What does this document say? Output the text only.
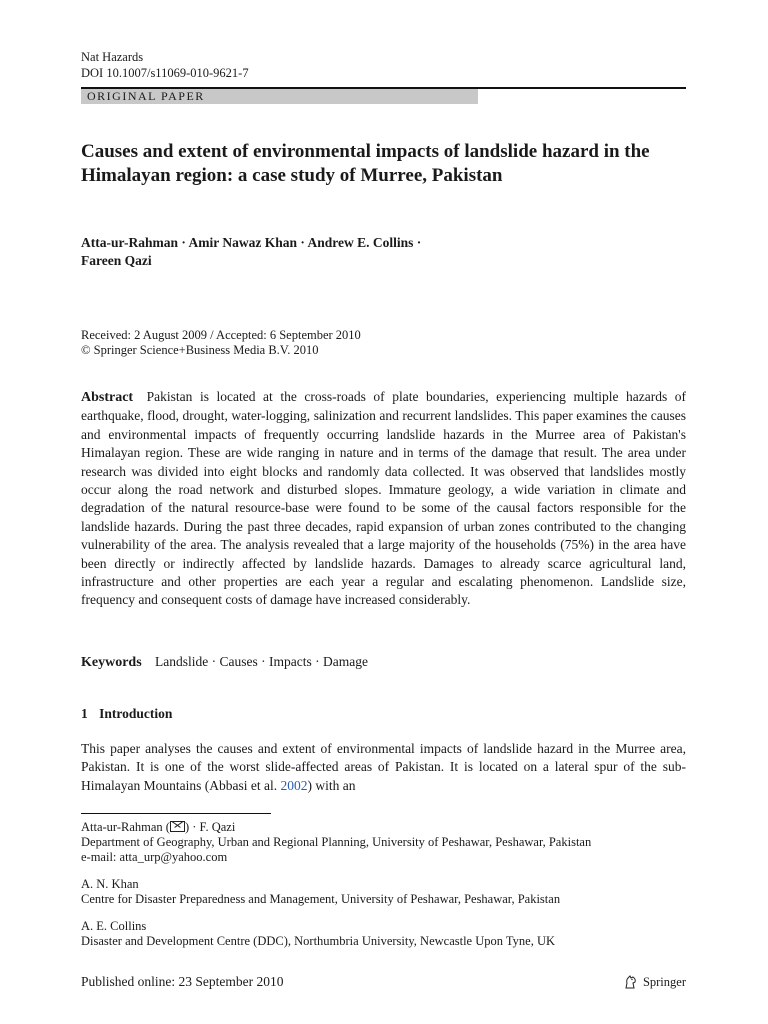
Nat Hazards
DOI 10.1007/s11069-010-9621-7
ORIGINAL PAPER
Causes and extent of environmental impacts of landslide hazard in the Himalayan region: a case study of Murree, Pakistan
Atta-ur-Rahman · Amir Nawaz Khan · Andrew E. Collins ·
Fareen Qazi
Received: 2 August 2009 / Accepted: 6 September 2010
© Springer Science+Business Media B.V. 2010
Abstract Pakistan is located at the cross-roads of plate boundaries, experiencing multiple hazards of earthquake, flood, drought, water-logging, salinization and recurrent landslides. This paper examines the causes and environmental impacts of frequently occurring landslide hazards in the Murree area of Pakistan's Himalayan region. These are wide ranging in nature and in terms of the damage that result. The area under research was divided into eight blocks and randomly data collected. It was observed that landslides mostly occur along the road network and disturbed slopes. Immature geology, a wide variation in climate and degradation of the natural resource-base were found to be some of the causal factors responsible for the landslide hazards. During the past three decades, rapid expansion of urban zones contributed to the changing vulnerability of the area. The analysis revealed that a large majority of the households (75%) in the area have been directly or indirectly affected by landslide hazards. Damages to already scarce agricultural land, infrastructure and other properties are each year a regular and escalating phenomenon. Landslide size, frequency and consequent costs of damage have increased considerably.
Keywords Landslide · Causes · Impacts · Damage
1 Introduction
This paper analyses the causes and extent of environmental impacts of landslide hazard in the Murree area, Pakistan. It is one of the worst slide-affected areas of Pakistan. It is located on a lateral spur of the sub-Himalayan Mountains (Abbasi et al. 2002) with an
Atta-ur-Rahman ( ) · F. Qazi
Department of Geography, Urban and Regional Planning, University of Peshawar, Peshawar, Pakistan
e-mail: atta_urp@yahoo.com
A. N. Khan
Centre for Disaster Preparedness and Management, University of Peshawar, Peshawar, Pakistan
A. E. Collins
Disaster and Development Centre (DDC), Northumbria University, Newcastle Upon Tyne, UK
Published online: 23 September 2010	Springer
